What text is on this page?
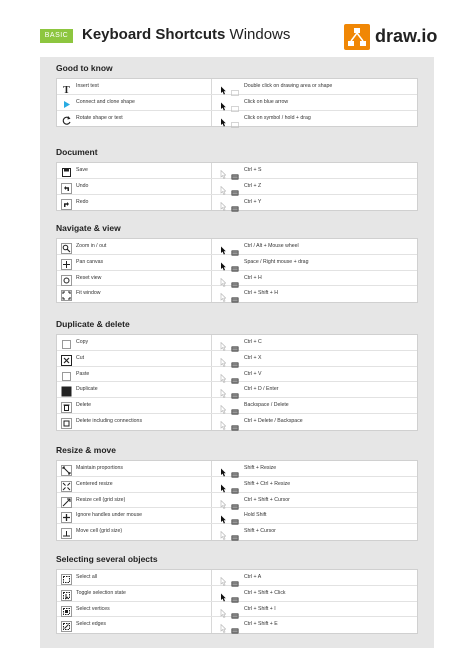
BASIC Keyboard Shortcuts Windows	draw.io
Good to know
T Insert text	Double click on drawing area or shape
Connect and clone shape	Click on blue arrow
Rotate shape or text	Click on symbol / hold + drag
Document
Save	Ctrl + S
Undo	Ctrl + Z
Redo	Ctrl + Y
Navigate & view
Zoom in / out	Ctrl / Alt + Mouse wheel
Pan canvas	Space / Right mouse + drag
Reset view	Ctrl + H
Fit window	Ctrl + Shift + H
Duplicate & delete
Copy	Ctrl + C
Cut	Ctrl + X
Paste	Ctrl + V
Duplicate	Ctrl + D / Enter
Delete	Backspace / Delete
Delete including connections	Ctrl + Delete / Backspace
Resize & move
Maintain proportions	Shift + Resize
Centered resize	Shift + Ctrl + Resize
Resize cell (grid size)	Ctrl + Shift + Cursor
Ignore handles under mouse	Hold Shift
Move cell (grid size)	Shift + Cursor
Selecting several objects
Select all	Ctrl + A
Toggle selection state	Ctrl + Shift + Click
Select vertices	Ctrl + Shift + I
Select edges	Ctrl + Shift + E
